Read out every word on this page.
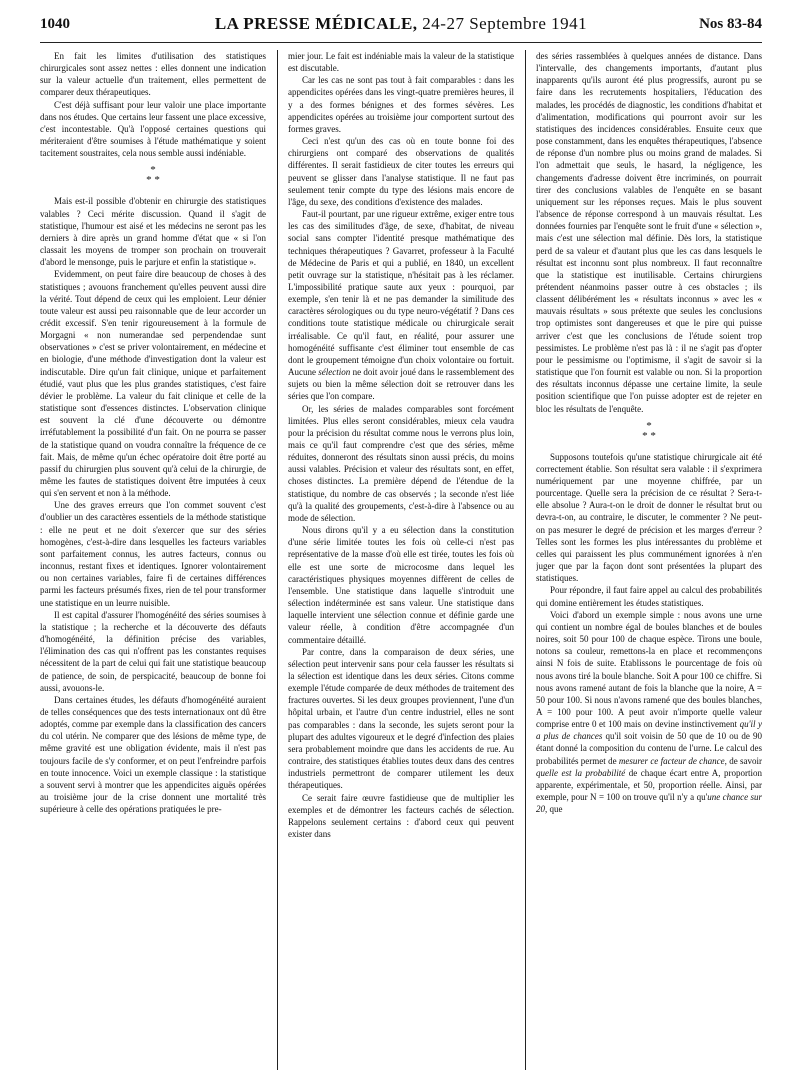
1040	LA PRESSE MÉDICALE, 24-27 Septembre 1941	Nos 83-84

En fait les limites d'utilisation des statistiques chirurgicales sont assez nettes : elles donnent une indication sur la valeur actuelle d'un traitement, elles permettent de comparer deux thérapeutiques.

C'est déjà suffisant pour leur valoir une place importante dans nos études. Que certains leur fassent une place excessive, c'est incontestable. Qu'à l'opposé certaines questions qui mériteraient d'être soumises à l'étude mathématique y soient tacitement soustraites, cela nous semble aussi indéniable.

*
* *

Mais est-il possible d'obtenir en chirurgie des statistiques valables ? Ceci mérite discussion. Quand il s'agit de statistique, l'humour est aisé et les médecins ne seront pas les derniers à dire après un grand homme d'état que « si l'on classait les moyens de tromper son prochain on trouverait d'abord le mensonge, puis le parjure et enfin la statistique ».

Evidemment, on peut faire dire beaucoup de choses à des statistiques ; avouons franchement qu'elles peuvent aussi dire la vérité. Tout dépend de ceux qui les emploient. Leur dénier toute valeur est aussi peu raisonnable que de leur accorder un crédit excessif. S'en tenir rigoureusement à la formule de Morgagni « non numerandae sed perpendendae sunt observationes » c'est se priver volontairement, en médecine et en biologie, d'une méthode d'investigation dont la valeur est indiscutable. Dire qu'un fait clinique, unique et parfaitement étudié, vaut plus que les plus grandes statistiques, c'est faire dévier le problème. La valeur du fait clinique et celle de la statistique sont d'essences distinctes. L'observation clinique est souvent la clé d'une découverte ou démontre irréfutablement la possibilité d'un fait. On ne pourra se passer de la statistique quand on voudra connaître la fréquence de ce fait. Mais, de même qu'un échec opératoire doit être porté au passif du chirurgien plus souvent qu'à celui de la chirurgie, de même les fautes de statistiques doivent être imputées à ceux qui s'en servent et non à la méthode.

Une des graves erreurs que l'on commet souvent c'est d'oublier un des caractères essentiels de la méthode statistique : elle ne peut et ne doit s'exercer que sur des séries homogènes, c'est-à-dire dans lesquelles les facteurs variables sont parfaitement connus, les autres facteurs, connus ou inconnus, restant fixes et identiques. Ignorer volontairement ou non certaines variables, faire fi de certaines différences parmi les facteurs présumés fixes, rien de tel pour transformer une statistique en un leurre nuisible.

Il est capital d'assurer l'homogénéité des séries soumises à la statistique ; la recherche et la découverte des défauts d'homogénéité, la définition précise des variables, l'élimination des cas qui n'offrent pas les constantes requises nécessitent de la part de celui qui fait une statistique beaucoup de patience, de soin, de perspicacité, beaucoup de bonne foi aussi, avouons-le.

Dans certaines études, les défauts d'homogénéité auraient de telles conséquences que des tests internationaux ont dû être adoptés, comme par exemple dans la classification des cancers du col utérin. Ne comparer que des lésions de même type, de même gravité est une obligation évidente, mais il n'est pas toujours facile de s'y conformer, et on peut l'enfreindre parfois en toute innocence. Voici un exemple classique : la statistique a souvent servi à montrer que les appendicites aiguës opérées au troisième jour de la crise donnent une mortalité très supérieure à celle des opérations pratiquées le pre-

mier jour. Le fait est indéniable mais la valeur de la statistique est discutable.

Car les cas ne sont pas tout à fait comparables : dans les appendicites opérées dans les vingt-quatre premières heures, il y a des formes bénignes et des formes sévères. Les appendicites opérées au troisième jour comportent surtout des formes graves.

Ceci n'est qu'un des cas où en toute bonne foi des chirurgiens ont comparé des observations de qualités différentes. Il serait fastidieux de citer toutes les erreurs qui peuvent se glisser dans l'analyse statistique. Il ne faut pas seulement tenir compte du type des lésions mais encore de l'âge, du sexe, des conditions d'existence des malades.

Faut-il pourtant, par une rigueur extrême, exiger entre tous les cas des similitudes d'âge, de sexe, d'habitat, de niveau social sans compter l'identité presque mathématique des techniques thérapeutiques ? Gavarret, professeur à la Faculté de Médecine de Paris et qui a publié, en 1840, un excellent petit ouvrage sur la statistique, n'hésitait pas à les réclamer. L'impossibilité pratique saute aux yeux : pourquoi, par exemple, s'en tenir là et ne pas demander la similitude des caractères sérologiques ou du type neuro-végétatif ? Dans ces conditions toute statistique médicale ou chirurgicale serait irréalisable. Ce qu'il faut, en réalité, pour assurer une homogénéité suffisante c'est éliminer tout ensemble de cas dont le groupement témoigne d'un choix volontaire ou fortuit. Aucune sélection ne doit avoir joué dans le rassemblement des sujets ou bien la même sélection doit se retrouver dans les séries que l'on compare.

Or, les séries de malades comparables sont forcément limitées. Plus elles seront considérables, mieux cela vaudra pour la précision du résultat comme nous le verrons plus loin, mais ce qu'il faut comprendre c'est que des séries, même réduites, donneront des résultats sinon aussi précis, du moins aussi valables. Précision et valeur des résultats sont, en effet, choses distinctes. La première dépend de l'étendue de la statistique, du nombre de cas observés ; la seconde n'est liée qu'à la qualité des groupements, c'est-à-dire à l'absence ou au mode de sélection.

Nous dirons qu'il y a eu sélection dans la constitution d'une série limitée toutes les fois où celle-ci n'est pas représentative de la masse d'où elle est tirée, toutes les fois où elle est une sorte de microcosme dans lequel les caractéristiques physiques moyennes diffèrent de celles de l'ensemble. Une statistique dans laquelle s'introduit une sélection indéterminée est sans valeur. Une statistique dans laquelle intervient une sélection connue et définie garde une valeur réelle, à condition d'être accompagnée d'un commentaire détaillé.

Par contre, dans la comparaison de deux séries, une sélection peut intervenir sans pour cela fausser les résultats si la sélection est identique dans les deux séries. Citons comme exemple l'étude comparée de deux méthodes de traitement des fractures ouvertes. Si les deux groupes proviennent, l'une d'un hôpital urbain, et l'autre d'un centre industriel, elles ne sont pas comparables : dans la seconde, les sujets seront pour la plupart des adultes vigoureux et le degré d'infection des plaies sera probablement moindre que dans les accidents de rue. Au contraire, des statistiques établies toutes deux dans des centres industriels permettront de comparer utilement les deux thérapeutiques.

Ce serait faire œuvre fastidieuse que de multiplier les exemples et de démontrer les facteurs cachés de sélection. Rappelons seulement certains : d'abord ceux qui peuvent exister dans

des séries rassemblées à quelques années de distance. Dans l'intervalle, des changements importants, d'autant plus inapparents qu'ils auront été plus progressifs, auront pu se faire dans les recrutements hospitaliers, l'éducation des malades, les procédés de diagnostic, les conditions d'habitat et d'alimentation, modifications qui pourront avoir sur les statistiques des incidences considérables. Ensuite ceux que pose constamment, dans les enquêtes thérapeutiques, l'absence de réponse d'un nombre plus ou moins grand de malades. Si l'on admettait que seuls, le hasard, la négligence, les changements d'adresse doivent être incriminés, on pourrait tirer des conclusions valables de l'enquête en se basant uniquement sur les réponses reçues. Mais le plus souvent l'absence de réponse correspond à un mauvais résultat. Les données fournies par l'enquête sont le fruit d'une « sélection », mais c'est une sélection mal définie. Dès lors, la statistique perd de sa valeur et d'autant plus que les cas dans lesquels le résultat est inconnu sont plus nombreux. Il faut reconnaître que la statistique est inutilisable. Certains chirurgiens prétendent néanmoins passer outre à ces obstacles ; ils classent délibérément les « résultats inconnus » avec les « mauvais résultats » sous prétexte que seules les conclusions trop optimistes sont dangereuses et que le pire qui puisse arriver c'est que les conclusions de l'étude soient trop pessimistes. Le problème n'est pas là : il ne s'agit pas d'opter pour le pessimisme ou l'optimisme, il s'agit de savoir si la statistique que l'on fournit est valable ou non. Si la proportion des résultats inconnus dépasse une certaine limite, la seule position scientifique que l'on puisse adopter est de rejeter en bloc les résultats de l'enquête.

*
* *

Supposons toutefois qu'une statistique chirurgicale ait été correctement établie. Son résultat sera valable : il s'exprimera numériquement par une moyenne chiffrée, par un pourcentage. Quelle sera la précision de ce résultat ? Sera-t-elle absolue ? Aura-t-on le droit de donner le résultat brut ou devra-t-on, au contraire, le discuter, le commenter ? Ne peut-on pas mesurer le degré de précision et les marges d'erreur ? Telles sont les formes les plus intéressantes du problème et celles qui paraissent les plus communément ignorées à n'en juger que par la façon dont sont présentées la plupart des statistiques.

Pour répondre, il faut faire appel au calcul des probabilités qui domine entièrement les études statistiques.

Voici d'abord un exemple simple : nous avons une urne qui contient un nombre égal de boules blanches et de boules noires, soit 50 pour 100 de chaque espèce. Tirons une boule, notons sa couleur, remettons-la en place et recommençons ainsi N fois de suite. Etablissons le pourcentage de fois où nous avons tiré la boule blanche. Soit A pour 100 ce chiffre. Si nous avons ramené autant de fois la blanche que la noire, A = 50 pour 100. Si nous n'avons ramené que des boules blanches, A = 100 pour 100. A peut avoir n'importe quelle valeur comprise entre 0 et 100 mais on devine instinctivement qu'il y a plus de chances qu'il soit voisin de 50 que de 10 ou de 90 étant donné la composition du contenu de l'urne. Le calcul des probabilités permet de mesurer ce facteur de chance, de savoir quelle est la probabilité de chaque écart entre A, proportion apparente, expérimentale, et 50, proportion réelle. Ainsi, par exemple, pour N = 100 on trouve qu'il n'y a qu'une chance sur 20, que
